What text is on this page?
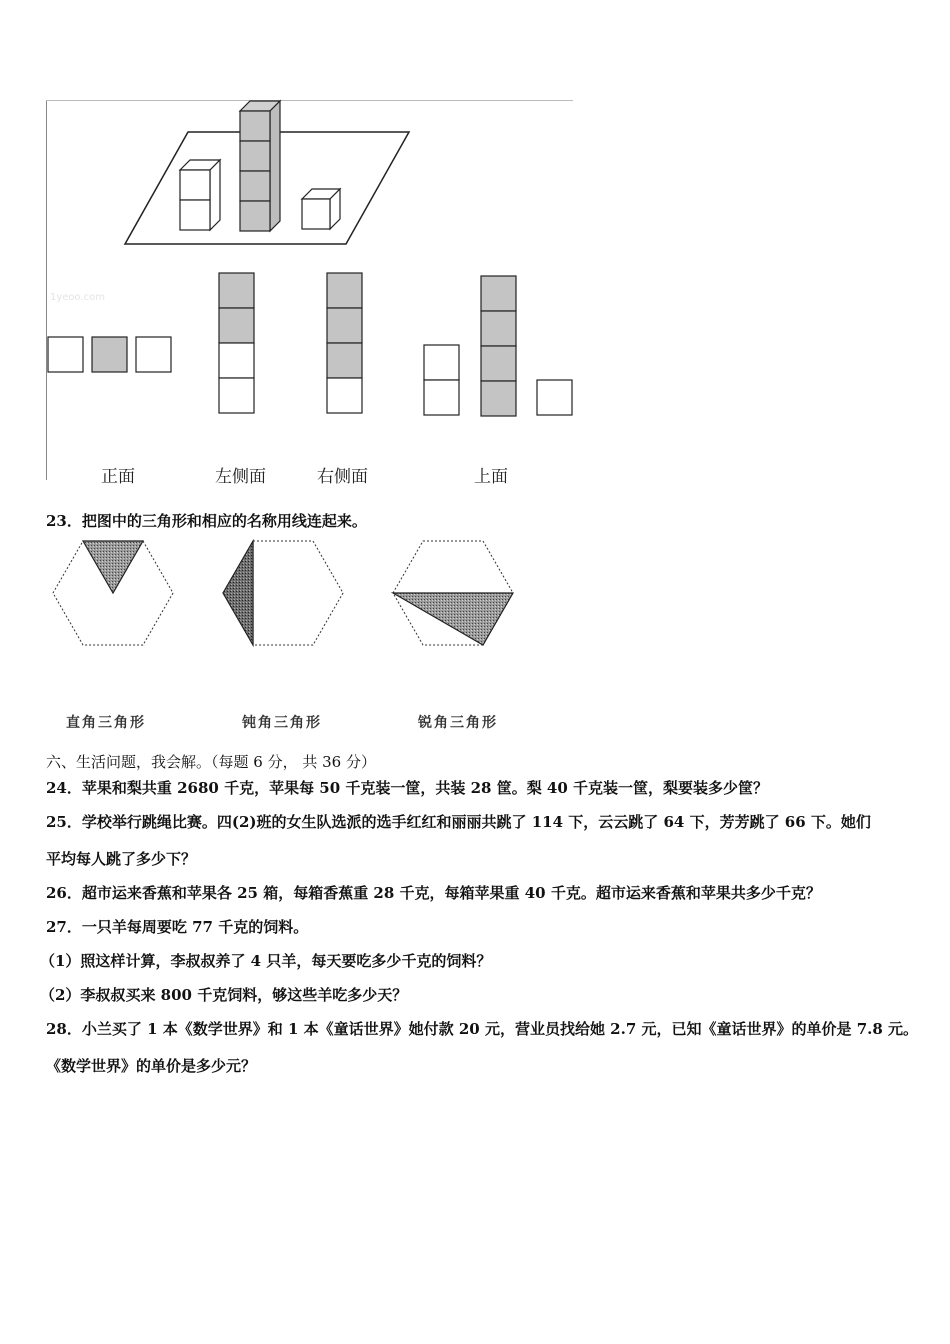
1yeoo.com
正面	左侧面	右侧面	上面
23．把图中的三角形和相应的名称用线连起来。
直角三角形	钝角三角形	锐角三角形
六、生活问题，我会解。（每题 6 分， 共 36 分）
24．苹果和梨共重 2680 千克，苹果每 50 千克装一筐，共装 28 筐。梨 40 千克装一筐，梨要装多少筐？
25．学校举行跳绳比赛。四(2)班的女生队选派的选手红红和丽丽共跳了 114 下，云云跳了 64 下，芳芳跳了 66 下。她们
平均每人跳了多少下？
26．超市运来香蕉和苹果各 25 箱，每箱香蕉重 28 千克，每箱苹果重 40 千克。超市运来香蕉和苹果共多少千克？
27．一只羊每周要吃 77 千克的饲料。
（1）照这样计算，李叔叔养了 4 只羊，每天要吃多少千克的饲料？
（2）李叔叔买来 800 千克饲料，够这些羊吃多少天？
28．小兰买了 1 本《数学世界》和 1 本《童话世界》她付款 20 元，营业员找给她 2.7 元，已知《童话世界》的单价是 7.8 元。
《数学世界》的单价是多少元？
